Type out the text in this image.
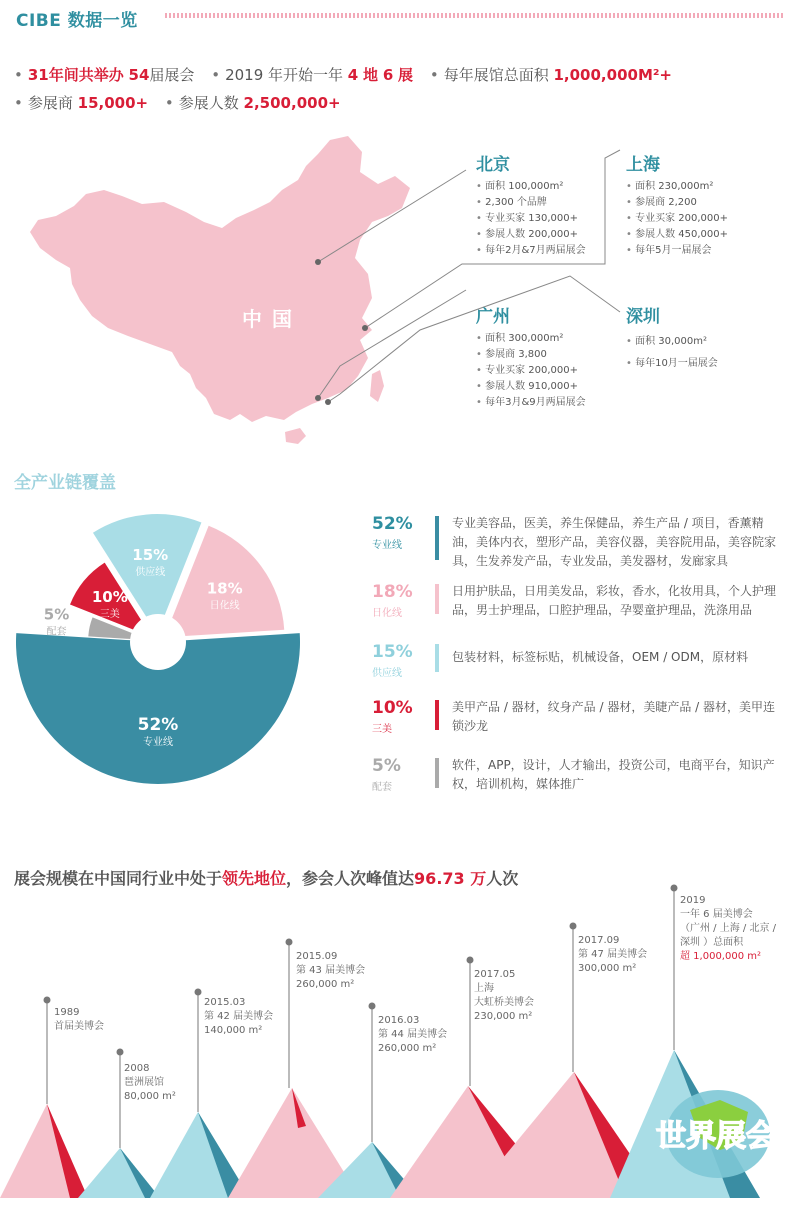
CIBE 数据一览
• 31年间共举办 54届展会 • 2019 年开始一年 4 地 6 展 • 每年展馆总面积 1,000,000M²+
• 参展商 15,000+ • 参展人数 2,500,000+
中国
北京
• 面积 100,000m²
• 2,300 个品牌
• 专业买家 130,000+
• 参展人数 200,000+
• 每年2月&7月两届展会
上海
• 面积 230,000m²
• 参展商 2,200
• 专业买家 200,000+
• 参展人数 450,000+
• 每年5月一届展会
广州
• 面积 300,000m²
• 参展商 3,800
• 专业买家 200,000+
• 参展人数 910,000+
• 每年3月&9月两届展会
深圳
• 面积 30,000m²
• 每年10月一届展会
全产业链覆盖
52%
专业线
5%
配套
10%
三美
15%
供应线
18%
日化线
52%
专业线
专业美容品，医美，养生保健品，养生产品 / 项目，香薰精油，美体内衣，塑形产品，美容仪器，美容院用品，美容院家具，生发养发产品，专业发品，美发器材，发廊家具
18%
日化线
日用护肤品，日用美发品，彩妆，香水，化妆用具，个人护理品，男士护理品，口腔护理品，孕婴童护理品，洗涤用品
15%
供应线
包装材料，标签标贴，机械设备，OEM / ODM，原材料
10%
三美
美甲产品 / 器材，纹身产品 / 器材，美睫产品 / 器材，美甲连锁沙龙
5%
配套
软件，APP，设计，人才输出，投资公司，电商平台，知识产权，培训机构，媒体推广
展会规模在中国同行业中处于领先地位，参会人次峰值达96.73 万人次
世界展会
1989
首届美博会
2008
琶洲展馆
80,000 m²
2015.03
第 42 届美博会
140,000 m²
2015.09
第 43 届美博会
260,000 m²
2016.03
第 44 届美博会
260,000 m²
2017.05
上海
大虹桥美博会
230,000 m²
2017.09
第 47 届美博会
300,000 m²
2019
一年 6 届美博会
（广州 / 上海 / 北京 /
深圳 ）总面积
超 1,000,000 m²
